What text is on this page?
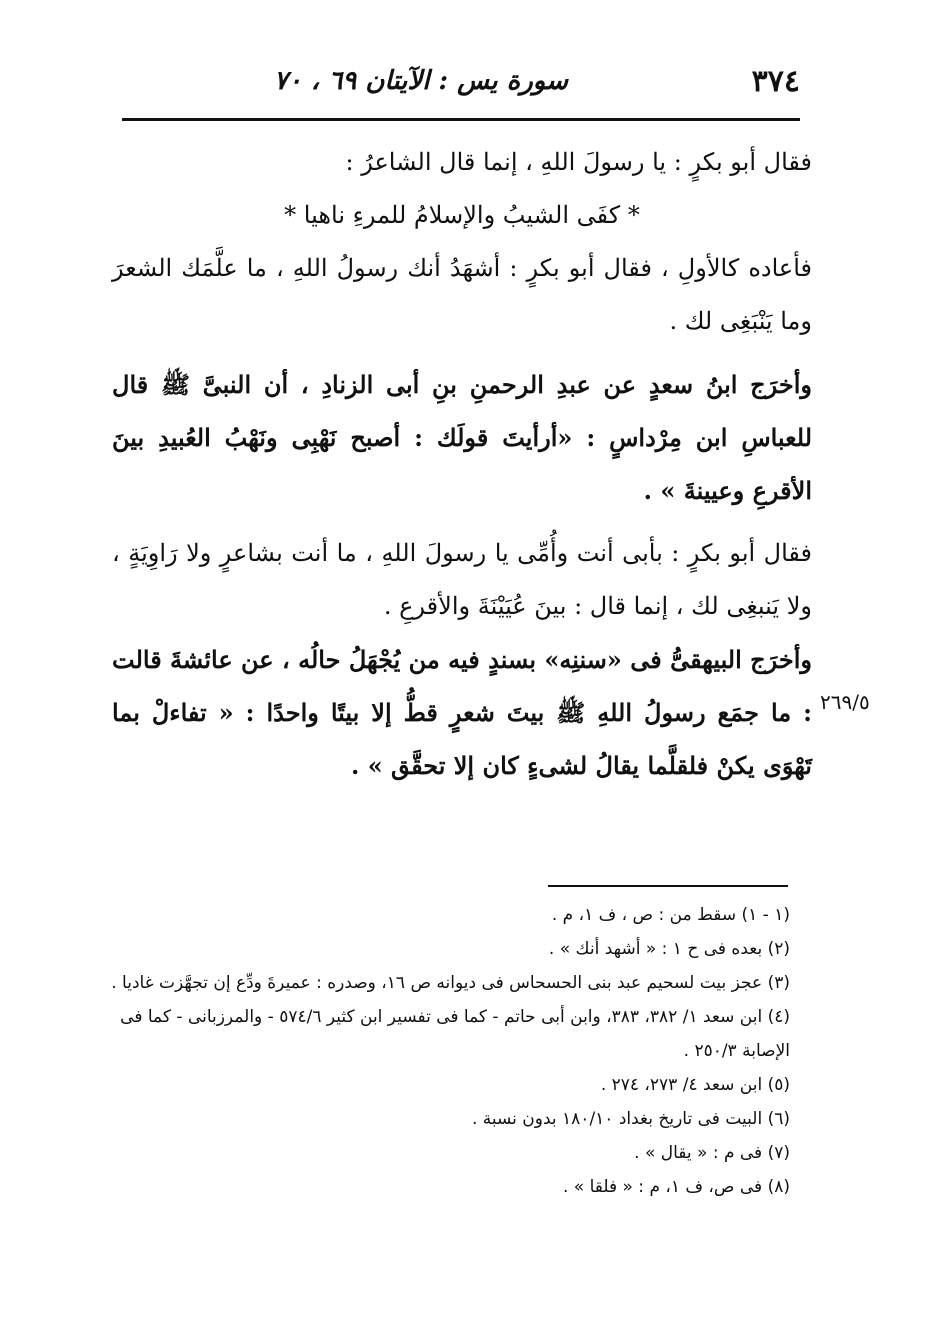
٣٧٤
سورة يس : الآيتان ٦٩ ، ٧٠

فقال أبو بكرٍ : يا رسولَ اللهِ ، إنما قال الشاعرُ :

* كفَى الشيبُ والإسلامُ للمرءِ ناهيا *

فأعاده كالأولِ ، فقال أبو بكرٍ : أشهَدُ أنك رسولُ اللهِ ، ما علَّمَك الشعرَ وما يَنْبَغِى لك .

وأخرَج ابنُ سعدٍ عن عبدِ الرحمنِ بنِ أبى الزنادِ ، أن النبىَّ ﷺ قال للعباسِ ابن مِرْداسٍ : «أرأيتَ قولَك : أصبح نَهْبِى ونَهْبُ العُبيدِ بينَ الأقرعِ وعيينةَ » .

فقال أبو بكرٍ : بأبى أنت وأُمِّى يا رسولَ اللهِ ، ما أنت بشاعرٍ ولا رَاوِيَةٍ ، ولا يَنبغِى لك ، إنما قال : بينَ عُيَيْنَةَ والأقرعِ .

وأخرَج البيهقىُّ فى «سننِه» بسندٍ فيه من يُجْهَلُ حالُه ، عن عائشةَ قالت : ما جمَع رسولُ اللهِ ﷺ بيتَ شعرٍ قطُّ إلا بيتًا واحدًا : « تفاءلْ بما تَهْوَى يكنْ فلقلَّما يقالُ لشىءٍ كان إلا تحقَّق » .

٢٦٩/٥
(١ - ١) سقط من : ص ، ف ١، م .
(٢) بعده فى ح ١ : « أشهد أنك » .
(٣) عجز بيت لسحيم عبد بنى الحسحاس فى ديوانه ص ١٦، وصدره : عميرةَ ودِّع إن تجهَّزت غاديا .
(٤) ابن سعد ١/ ٣٨٢، ٣٨٣، وابن أبى حاتم - كما فى تفسير ابن كثير ٥٧٤/٦ - والمرزبانى - كما فى الإصابة ٢٥٠/٣ .
(٥) ابن سعد ٤/ ٢٧٣، ٢٧٤ .
(٦) البيت فى تاريخ بغداد ١٨٠/١٠ بدون نسبة .
(٧) فى م : « يقال » .
(٨) فى ص، ف ١، م : « فلقا » .
